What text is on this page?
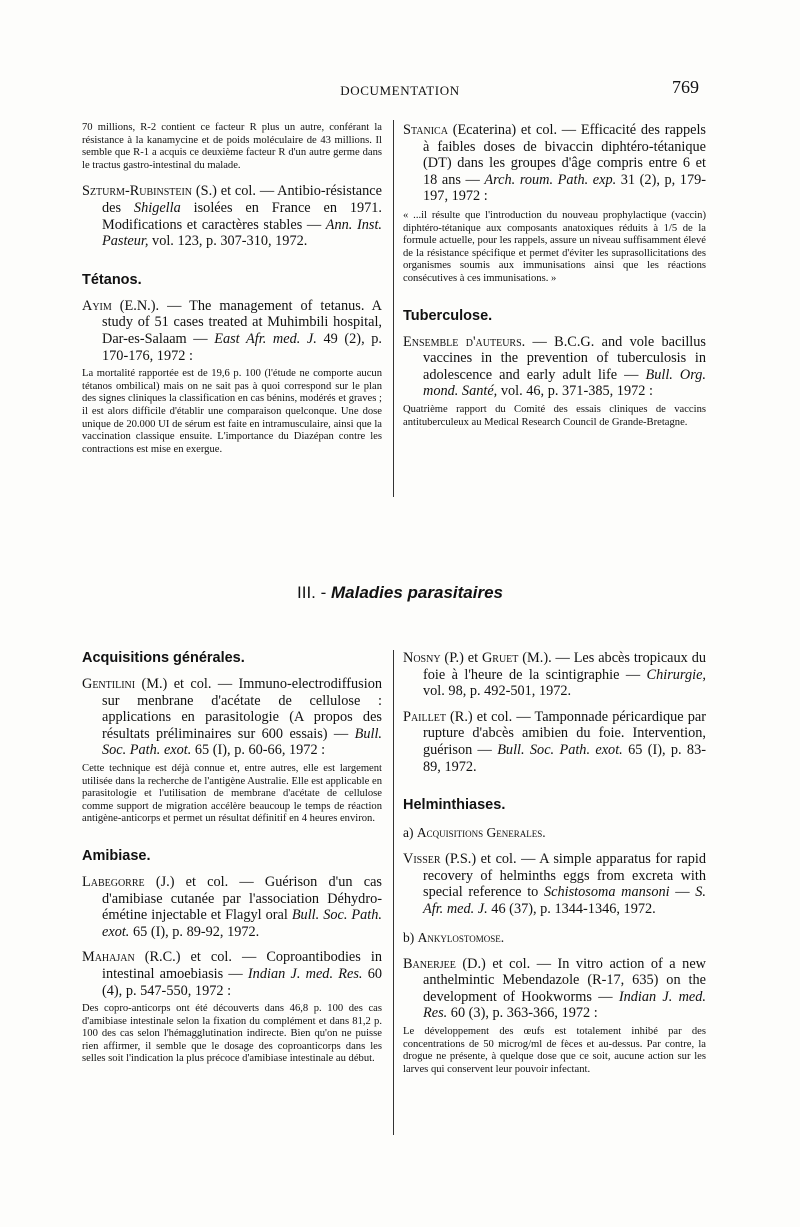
DOCUMENTATION	769

70 millions, R-2 contient ce facteur R plus un autre, conférant la résistance à la kanamycine et de poids moléculaire de 43 millions. Il semble que R-1 a acquis ce deuxième facteur R d'un autre germe dans le tractus gastro-intestinal du malade.

Szturm-Rubinstein (S.) et col. — Antibio-résistance des Shigella isolées en France en 1971. Modifications et caractères stables — Ann. Inst. Pasteur, vol. 123, p. 307-310, 1972.

Tétanos.

Ayim (E.N.). — The management of tetanus. A study of 51 cases treated at Muhimbili hospital, Dar-es-Salaam — East Afr. med. J. 49 (2), p. 170-176, 1972 :

La mortalité rapportée est de 19,6 p. 100 (l'étude ne comporte aucun tétanos ombilical) mais on ne sait pas à quoi correspond sur le plan des signes cliniques la classification en cas bénins, modérés et graves ; il est alors difficile d'établir une comparaison quelconque. Une dose unique de 20.000 UI de sérum est faite en intramusculaire, ainsi que la vaccination classique ensuite. L'importance du Diazépan contre les contractions est mise en exergue.

Stanica (Ecaterina) et col. — Efficacité des rappels à faibles doses de bivaccin diphtéro-tétanique (DT) dans les groupes d'âge compris entre 6 et 18 ans — Arch. roum. Path. exp. 31 (2), p, 179-197, 1972 :

« ...il résulte que l'introduction du nouveau prophylactique (vaccin) diphtéro-tétanique aux composants anatoxiques réduits à 1/5 de la formule actuelle, pour les rappels, assure un niveau suffisamment élevé de la résistance spécifique et permet d'éviter les suprasollicitations des organismes soumis aux immunisations ainsi que les réactions consécutives à ces immunisations. »

Tuberculose.

Ensemble d'auteurs. — B.C.G. and vole bacillus vaccines in the prevention of tuberculosis in adolescence and early adult life — Bull. Org. mond. Santé, vol. 46, p. 371-385, 1972 :

Quatrième rapport du Comité des essais cliniques de vaccins antituberculeux au Medical Research Council de Grande-Bretagne.

III. - Maladies parasitaires

Acquisitions générales.

Gentilini (M.) et col. — Immuno-electrodiffusion sur menbrane d'acétate de cellulose : applications en parasitologie (A propos des résultats préliminaires sur 600 essais) — Bull. Soc. Path. exot. 65 (I), p. 60-66, 1972 :

Cette technique est déjà connue et, entre autres, elle est largement utilisée dans la recherche de l'antigène Australie. Elle est applicable en parasitologie et l'utilisation de membrane d'acétate de cellulose comme support de migration accélère beaucoup le temps de réaction antigène-anticorps et permet un résultat définitif en 4 heures environ.

Amibiase.

Labegorre (J.) et col. — Guérison d'un cas d'amibiase cutanée par l'association Déhydro-émétine injectable et Flagyl oral Bull. Soc. Path. exot. 65 (I), p. 89-92, 1972.

Mahajan (R.C.) et col. — Coproantibodies in intestinal amoebiasis — Indian J. med. Res. 60 (4), p. 547-550, 1972 :

Des copro-anticorps ont été découverts dans 46,8 p. 100 des cas d'amibiase intestinale selon la fixation du complément et dans 81,2 p. 100 des cas selon l'hémagglutination indirecte. Bien qu'on ne puisse rien affirmer, il semble que le dosage des coproanticorps dans les selles soit l'indication la plus précoce d'amibiase intestinale au début.

Nosny (P.) et Gruet (M.). — Les abcès tropicaux du foie à l'heure de la scintigraphie — Chirurgie, vol. 98, p. 492-501, 1972.

Paillet (R.) et col. — Tamponnade péricardique par rupture d'abcès amibien du foie. Intervention, guérison — Bull. Soc. Path. exot. 65 (I), p. 83-89, 1972.

Helminthiases.

a) Acquisitions Generales.

Visser (P.S.) et col. — A simple apparatus for rapid recovery of helminths eggs from excreta with special reference to Schistosoma mansoni — S. Afr. med. J. 46 (37), p. 1344-1346, 1972.

b) Ankylostomose.

Banerjee (D.) et col. — In vitro action of a new anthelmintic Mebendazole (R-17, 635) on the development of Hookworms — Indian J. med. Res. 60 (3), p. 363-366, 1972 :

Le développement des œufs est totalement inhibé par des concentrations de 50 microg/ml de fèces et au-dessus. Par contre, la drogue ne présente, à quelque dose que ce soit, aucune action sur les larves qui conservent leur pouvoir infectant.
